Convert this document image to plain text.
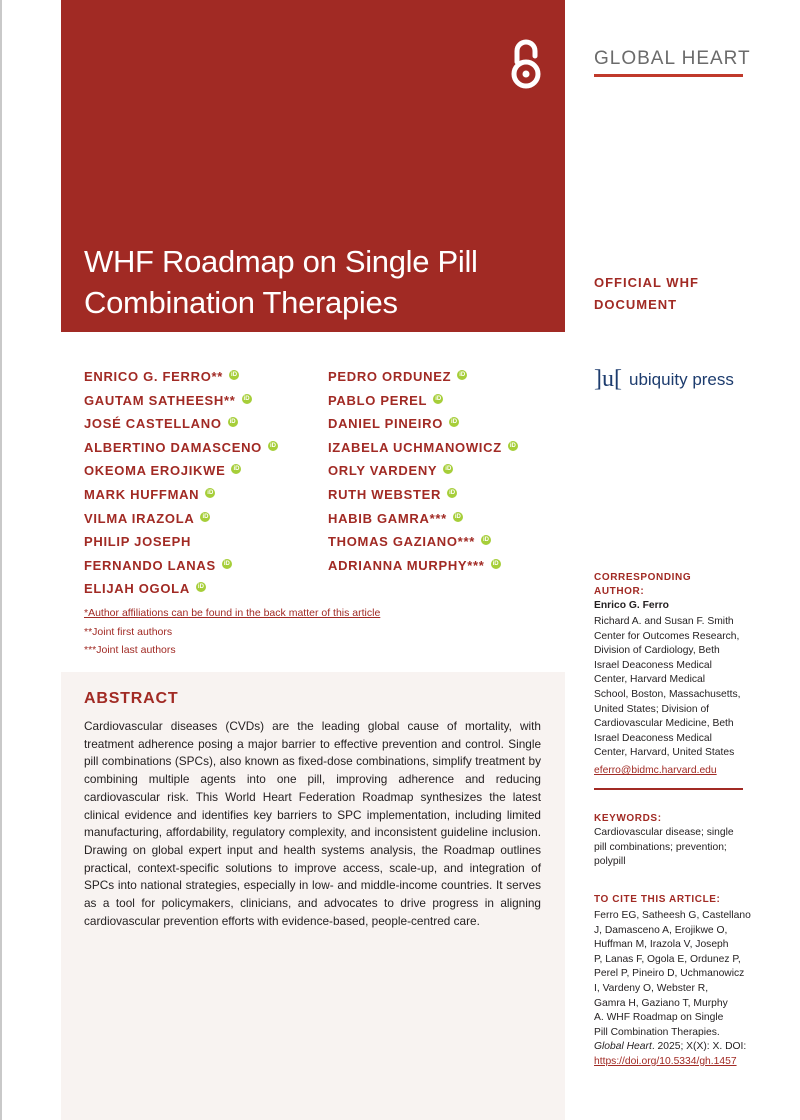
WHF Roadmap on Single Pill
Combination Therapies
GLOBAL HEART
OFFICIAL WHF
DOCUMENT
]u[ ubiquity press
ENRICO G. FERRO**	iD
GAUTAM SATHEESH**	iD
JOSÉ CASTELLANO	iD
ALBERTINO DAMASCENO	iD
OKEOMA EROJIKWE	iD
MARK HUFFMAN	iD
VILMA IRAZOLA	iD
PHILIP JOSEPH
FERNANDO LANAS	iD
ELIJAH OGOLA	iD
PEDRO ORDUNEZ	iD
PABLO PEREL	iD
DANIEL PINEIRO	iD
IZABELA UCHMANOWICZ	iD
ORLY VARDENY	iD
RUTH WEBSTER	iD
HABIB GAMRA***	iD
THOMAS GAZIANO***	iD
ADRIANNA MURPHY***	iD
*Author affiliations can be found in the back matter of this article
**Joint first authors
***Joint last authors
ABSTRACT
Cardiovascular diseases (CVDs) are the leading global cause of mortality, with treatment adherence posing a major barrier to effective prevention and control. Single pill combinations (SPCs), also known as fixed-dose combinations, simplify treatment by combining multiple agents into one pill, improving adherence and reducing cardiovascular risk. This World Heart Federation Roadmap synthesizes the latest clinical evidence and identifies key barriers to SPC implementation, including limited manufacturing, affordability, regulatory complexity, and inconsistent guideline inclusion. Drawing on global expert input and health systems analysis, the Roadmap outlines practical, context-specific solutions to improve access, scale-up, and integration of SPCs into national strategies, especially in low- and middle-income countries. It serves as a tool for policymakers, clinicians, and advocates to drive progress in aligning cardiovascular prevention efforts with evidence-based, people-centred care.
CORRESPONDING AUTHOR:
Enrico G. Ferro
Richard A. and Susan F. Smith
Center for Outcomes Research,
Division of Cardiology, Beth
Israel Deaconess Medical
Center, Harvard Medical
School, Boston, Massachusetts,
United States; Division of
Cardiovascular Medicine, Beth
Israel Deaconess Medical
Center, Harvard, United States
eferro@bidmc.harvard.edu
KEYWORDS:
Cardiovascular disease; single
pill combinations; prevention;
polypill
TO CITE THIS ARTICLE:
Ferro EG, Satheesh G, Castellano
J, Damasceno A, Erojikwe O,
Huffman M, Irazola V, Joseph
P, Lanas F, Ogola E, Ordunez P,
Perel P, Pineiro D, Uchmanowicz
I, Vardeny O, Webster R,
Gamra H, Gaziano T, Murphy
A. WHF Roadmap on Single
Pill Combination Therapies.
Global Heart. 2025; X(X): X. DOI:
https://doi.org/10.5334/gh.1457
